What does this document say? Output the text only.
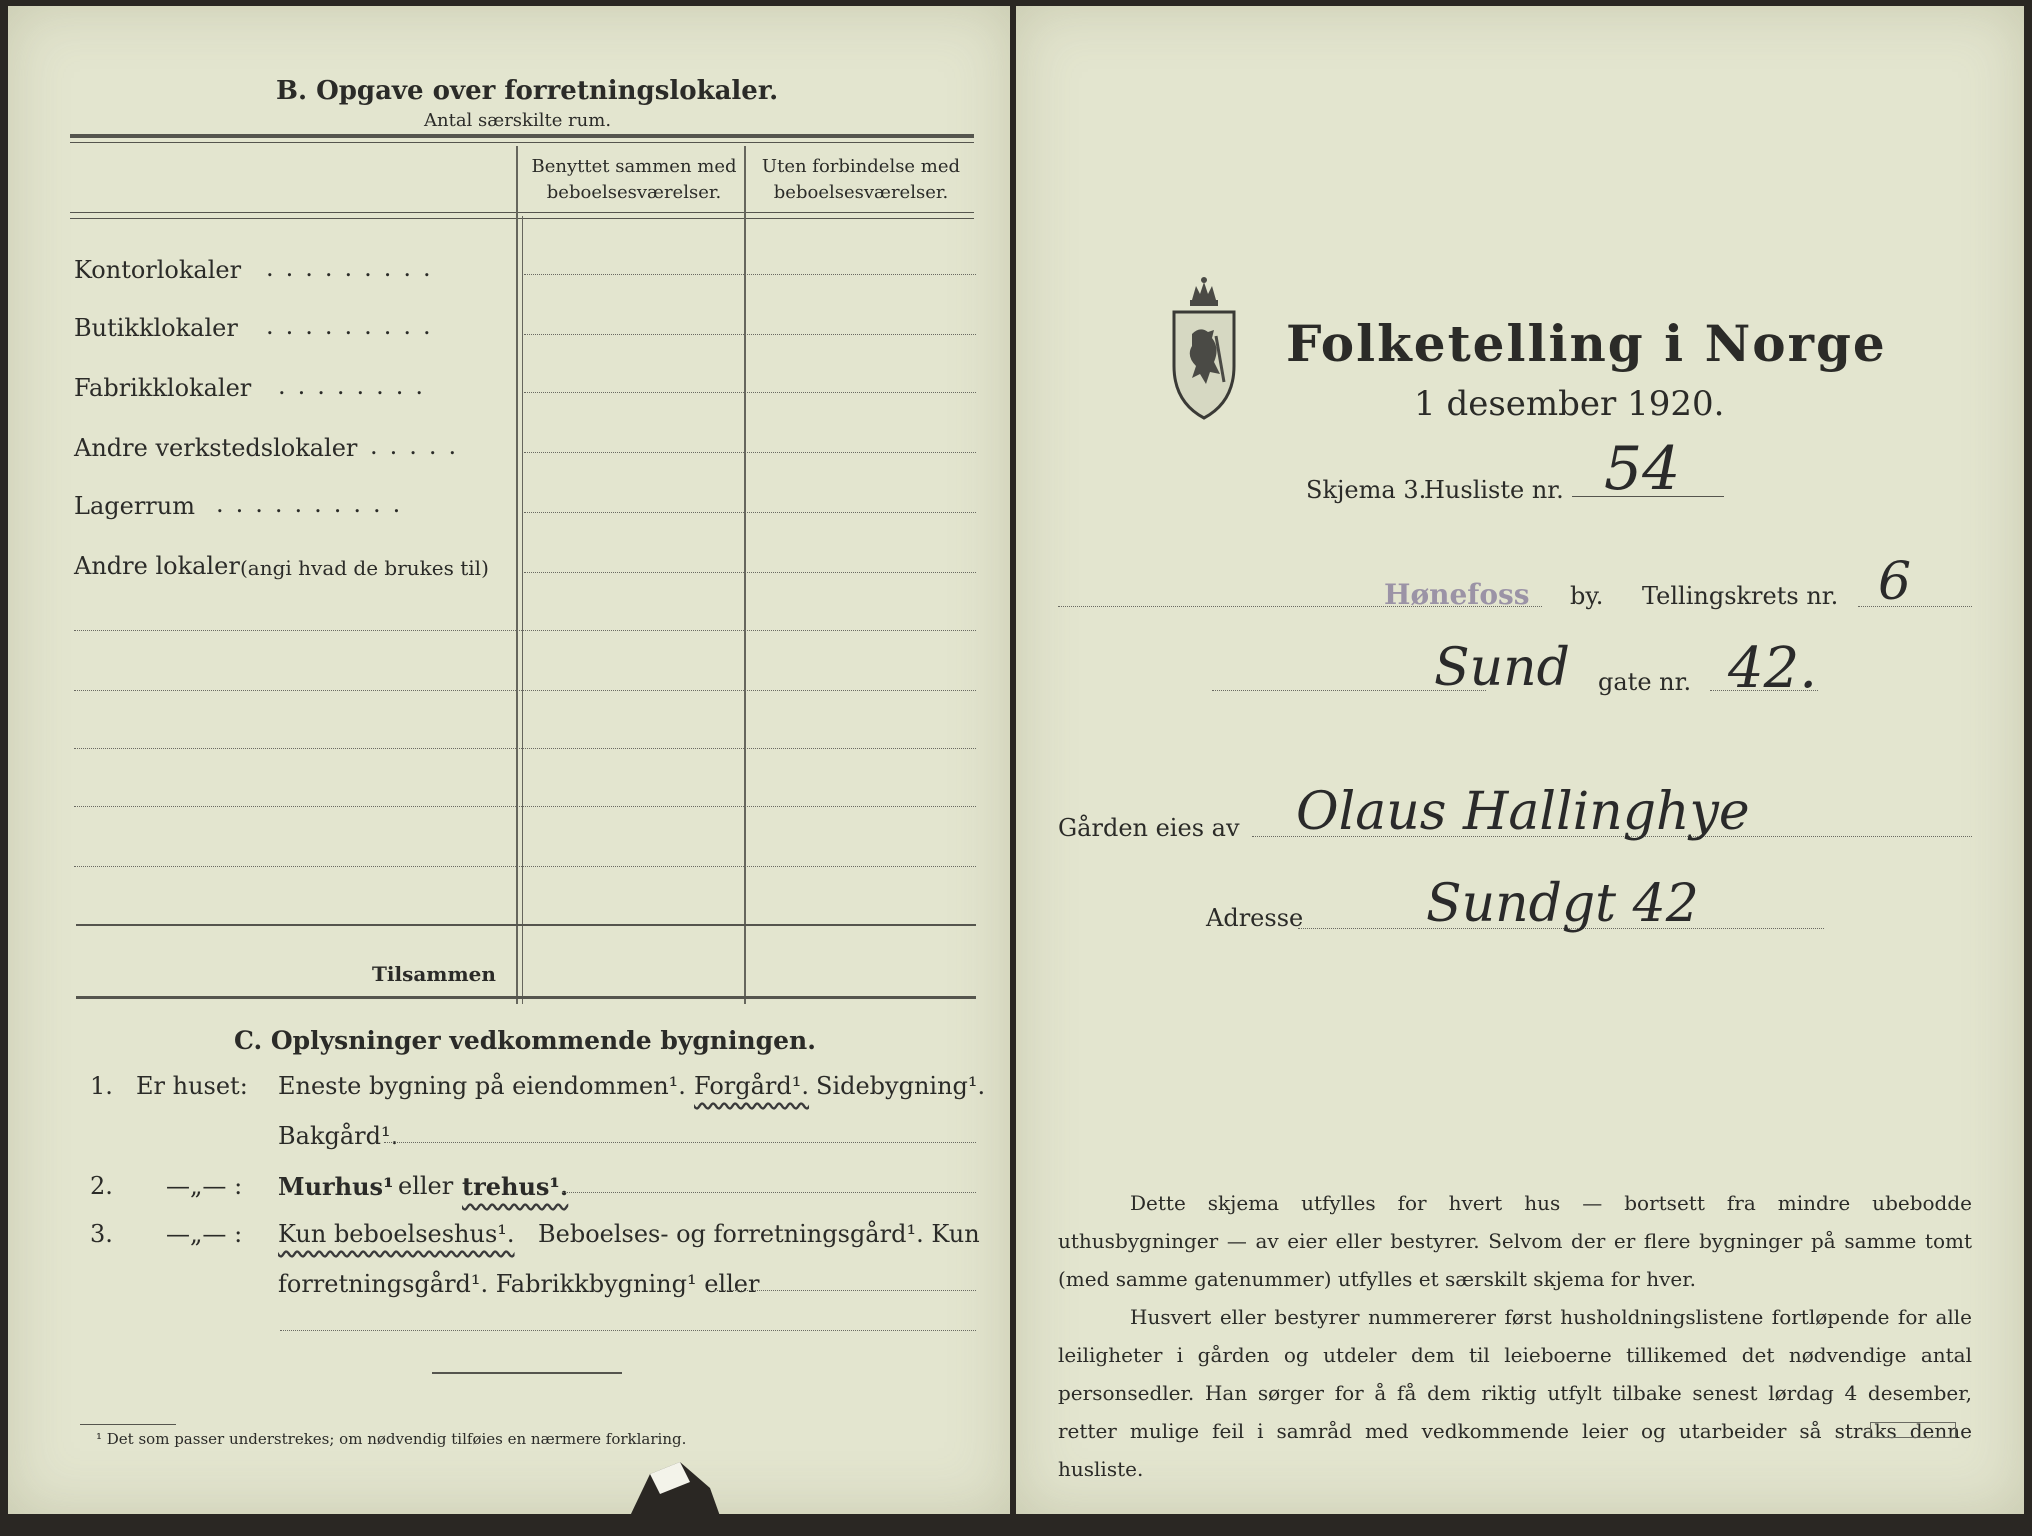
B. Opgave over forretningslokaler.
Antal særskilte rum.
Benyttet sammen med
beboelsesværelser.
Uten forbindelse med
beboelsesværelser.
Kontorlokaler .........
Butikklokaler .........
Fabrikklokaler ........
Andre verkstedslokaler .....
Lagerrum ..........
Andre lokaler (angi hvad de brukes til)
Tilsammen
C. Oplysninger vedkommende bygningen.
1. Er huset: Eneste bygning på eiendommen¹. Forgård¹. Sidebygning¹.
Bakgård¹.
2. —„— : Murhus¹ eller trehus¹.
3. —„— : Kun beboelseshus¹. Beboelses- og forretningsgård¹. Kun
forretningsgård¹. Fabrikkbygning¹ eller
¹ Det som passer understrekes; om nødvendig tilføies en nærmere forklaring.
Folketelling i Norge
1 desember 1920.
Skjema 3.
Husliste nr. 54
Hønefoss by. Tellingskrets nr. 6
Sund gate nr. 42.
Gården eies av Olaus Hallinghye
Adresse Sundgt 42

Dette skjema utfylles for hvert hus — bortsett fra mindre ubebodde uthusbygninger — av eier eller bestyrer. Selvom der er flere bygninger på samme tomt (med samme gatenummer) utfylles et særskilt skjema for hver.

Husvert eller bestyrer nummererer først husholdningslistene fortløpende for alle leiligheter i gården og utdeler dem til leieboerne tillikemed det nødvendige antal personsedler. Han sørger for å få dem riktig utfylt tilbake senest lørdag 4 desember, retter mulige feil i samråd med vedkommende leier og utarbeider så straks denne husliste.
